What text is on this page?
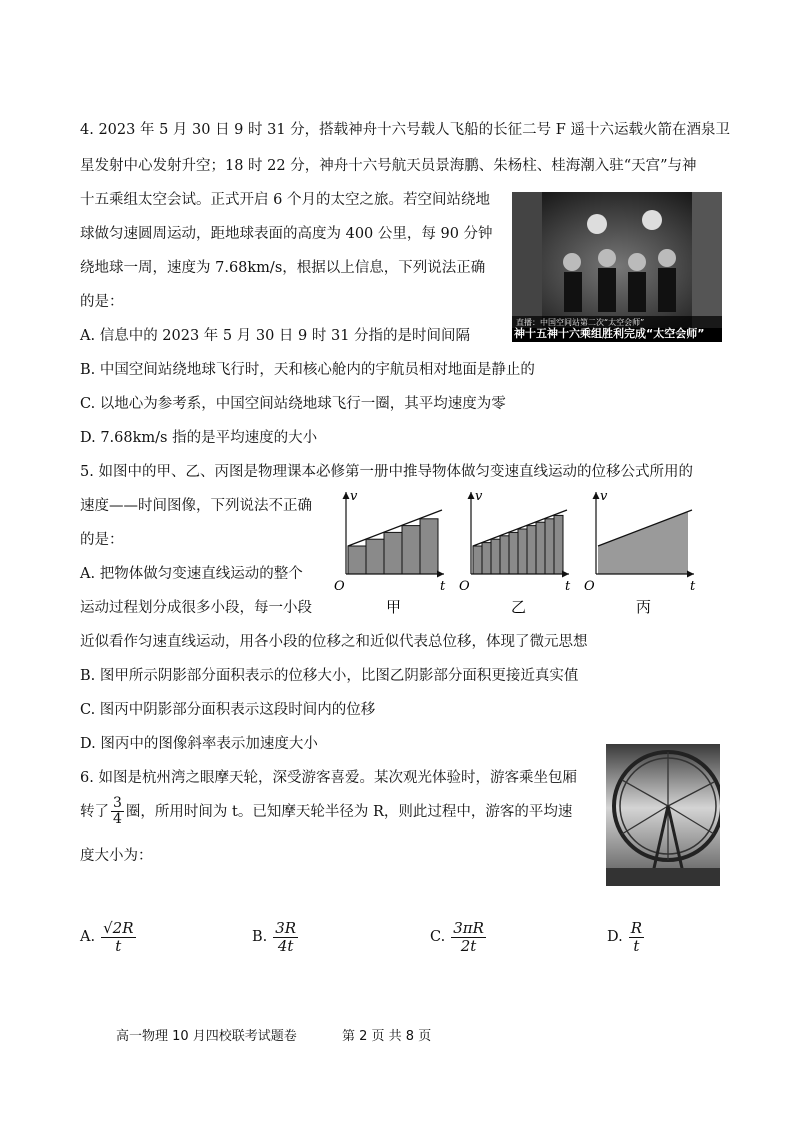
4. 2023 年 5 月 30 日 9 时 31 分，搭载神舟十六号载人飞船的长征二号 F 遥十六运载火箭在酒泉卫
星发射中心发射升空；18 时 22 分，神舟十六号航天员景海鹏、朱杨柱、桂海潮入驻“天宫”与神
十五乘组太空会试。正式开启 6 个月的太空之旅。若空间站绕地
球做匀速圆周运动，距地球表面的高度为 400 公里，每 90 分钟
绕地球一周，速度为 7.68km/s，根据以上信息，下列说法正确
的是：
直播：中国空间站第二次“太空会师”
神十五神十六乘组胜利完成“太空会师”
A. 信息中的 2023 年 5 月 30 日 9 时 31 分指的是时间间隔
B. 中国空间站绕地球飞行时，天和核心舱内的宇航员相对地面是静止的
C. 以地心为参考系，中国空间站绕地球飞行一圈，其平均速度为零
D. 7.68km/s 指的是平均速度的大小
5. 如图中的甲、乙、丙图是物理课本必修第一册中推导物体做匀变速直线运动的位移公式所用的
速度——时间图像，下列说法不正确
的是：
A. 把物体做匀变速直线运动的整个
运动过程划分成很多小段，每一小段
近似看作匀速直线运动，用各小段的位移之和近似代表总位移，体现了微元思想
B. 图甲所示阴影部分面积表示的位移大小，比图乙阴影部分面积更接近真实值
C. 图丙中阴影部分面积表示这段时间内的位移
D. 图丙中的图像斜率表示加速度大小
v
t
O
甲
v
t
O
乙
v
t
O
丙
6. 如图是杭州湾之眼摩天轮，深受游客喜爱。某次观光体验时，游客乘坐包厢
转了 $\frac{3}{4}$ 圈，所用时间为 t。已知摩天轮半径为 R，则此过程中，游客的平均速
度大小为：
A. $\frac{√2R}{t}$	B. $\frac{3R}{4t}$	C. $\frac{3\pi R}{2t}$	D. $\frac{R}{t}$
高一物理 10 月四校联考试题卷	第 2 页 共 8 页
